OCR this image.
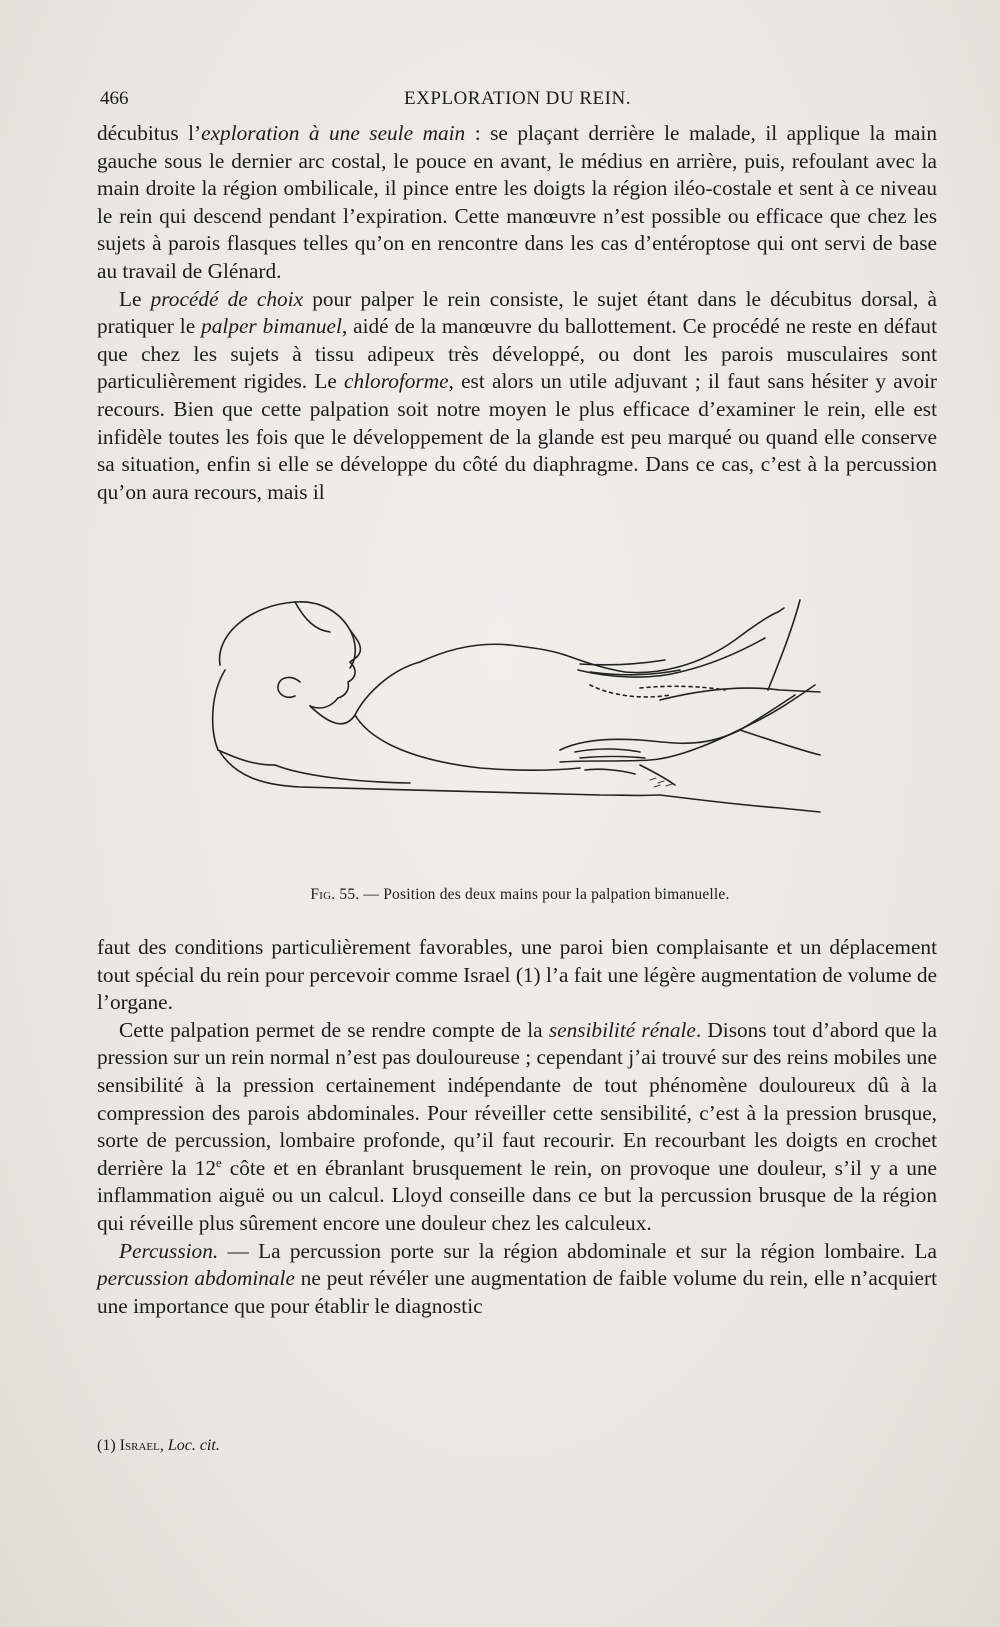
466	EXPLORATION DU REIN.

décubitus l’exploration à une seule main : se plaçant derrière le malade, il applique la main gauche sous le dernier arc costal, le pouce en avant, le médius en arrière, puis, refoulant avec la main droite la région ombilicale, il pince entre les doigts la région iléo-costale et sent à ce niveau le rein qui descend pendant l’expiration. Cette manœuvre n’est possible ou efficace que chez les sujets à parois flasques telles qu’on en rencontre dans les cas d’entéroptose qui ont servi de base au travail de Glénard.

Le procédé de choix pour palper le rein consiste, le sujet étant dans le décubitus dorsal, à pratiquer le palper bimanuel, aidé de la manœuvre du ballottement. Ce procédé ne reste en défaut que chez les sujets à tissu adipeux très développé, ou dont les parois musculaires sont particulièrement rigides. Le chloroforme, est alors un utile adjuvant ; il faut sans hésiter y avoir recours. Bien que cette palpation soit notre moyen le plus efficace d’examiner le rein, elle est infidèle toutes les fois que le développement de la glande est peu marqué ou quand elle conserve sa situation, enfin si elle se développe du côté du diaphragme. Dans ce cas, c’est à la percussion qu’on aura recours, mais il

Fig. 55. — Position des deux mains pour la palpation bimanuelle.

faut des conditions particulièrement favorables, une paroi bien complaisante et un déplacement tout spécial du rein pour percevoir comme Israel (1) l’a fait une légère augmentation de volume de l’organe.

Cette palpation permet de se rendre compte de la sensibilité rénale. Disons tout d’abord que la pression sur un rein normal n’est pas douloureuse ; cependant j’ai trouvé sur des reins mobiles une sensibilité à la pression certainement indépendante de tout phénomène douloureux dû à la compression des parois abdominales. Pour réveiller cette sensibilité, c’est à la pression brusque, sorte de percussion, lombaire profonde, qu’il faut recourir. En recourbant les doigts en crochet derrière la 12e côte et en ébranlant brusquement le rein, on provoque une douleur, s’il y a une inflammation aiguë ou un calcul. Lloyd conseille dans ce but la percussion brusque de la région qui réveille plus sûrement encore une douleur chez les calculeux.

Percussion. — La percussion porte sur la région abdominale et sur la région lombaire. La percussion abdominale ne peut révéler une augmentation de faible volume du rein, elle n’acquiert une importance que pour établir le diagnostic

(1) Israel, Loc. cit.
